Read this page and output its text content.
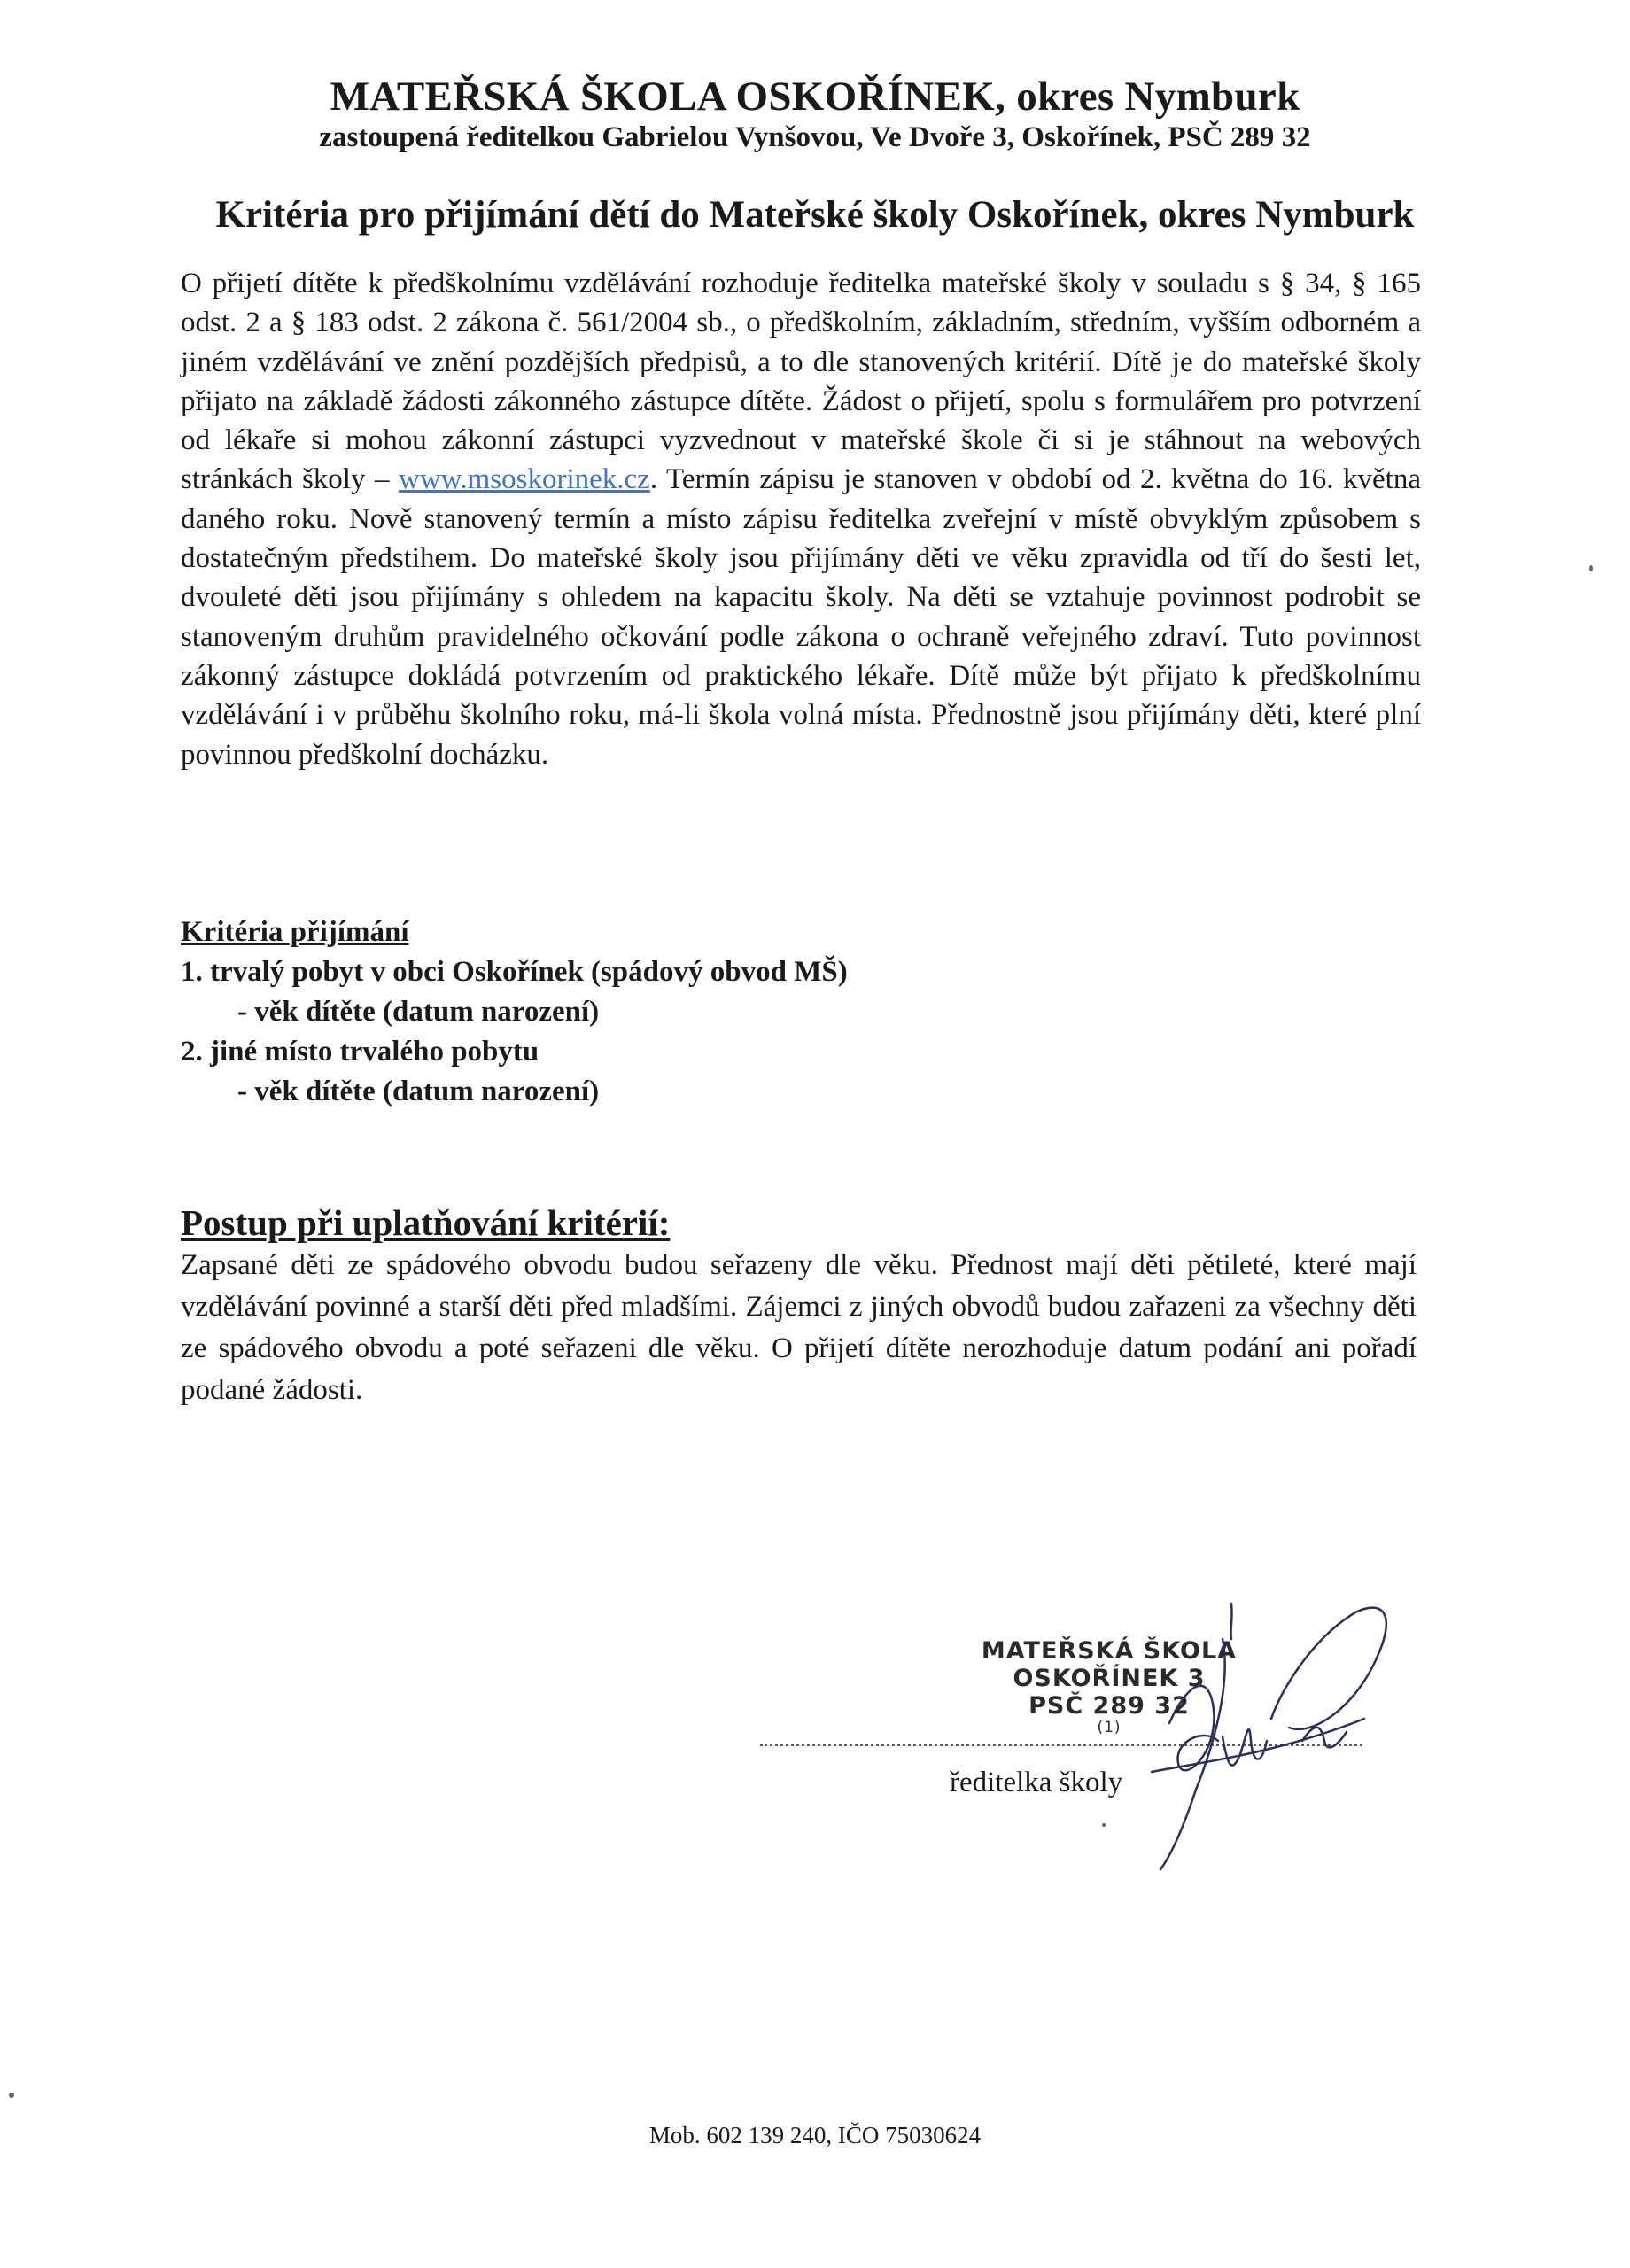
MATEŘSKÁ ŠKOLA OSKOŘÍNEK, okres Nymburk
zastoupená ředitelkou Gabrielou Vynšovou, Ve Dvoře 3, Oskořínek, PSČ 289 32
Kritéria pro přijímání dětí do Mateřské školy Oskořínek, okres Nymburk
O přijetí dítěte k předškolnímu vzdělávání rozhoduje ředitelka mateřské školy v souladu s § 34, § 165 odst. 2 a § 183 odst. 2 zákona č. 561/2004 sb., o předškolním, základním, středním, vyšším odborném a jiném vzdělávání ve znění pozdějších předpisů, a to dle stanovených kritérií. Dítě je do mateřské školy přijato na základě žádosti zákonného zástupce dítěte. Žádost o přijetí, spolu s formulářem pro potvrzení od lékaře si mohou zákonní zástupci vyzvednout v mateřské škole či si je stáhnout na webových stránkách školy – www.msoskorinek.cz. Termín zápisu je stanoven v období od 2. května do 16. května daného roku. Nově stanovený termín a místo zápisu ředitelka zveřejní v místě obvyklým způsobem s dostatečným předstihem. Do mateřské školy jsou přijímány děti ve věku zpravidla od tří do šesti let, dvouleté děti jsou přijímány s ohledem na kapacitu školy. Na děti se vztahuje povinnost podrobit se stanoveným druhům pravidelného očkování podle zákona o ochraně veřejného zdraví. Tuto povinnost zákonný zástupce dokládá potvrzením od praktického lékaře. Dítě může být přijato k předškolnímu vzdělávání i v průběhu školního roku, má-li škola volná místa. Přednostně jsou přijímány děti, které plní povinnou předškolní docházku.
Kritéria přijímání
1. trvalý pobyt v obci Oskořínek (spádový obvod MŠ)
- věk dítěte (datum narození)
2. jiné místo trvalého pobytu
- věk dítěte (datum narození)
Postup při uplatňování kritérií:
Zapsané děti ze spádového obvodu budou seřazeny dle věku. Přednost mají děti pětileté, které mají vzdělávání povinné a starší děti před mladšími. Zájemci z jiných obvodů budou zařazeni za všechny děti ze spádového obvodu a poté seřazeni dle věku. O přijetí dítěte nerozhoduje datum podání ani pořadí podané žádosti.
MATEŘSKÁ ŠKOLA
OSKOŘÍNEK 3
PSČ 289 32
(1)
ředitelka školy
Mob. 602 139 240, IČO 75030624
